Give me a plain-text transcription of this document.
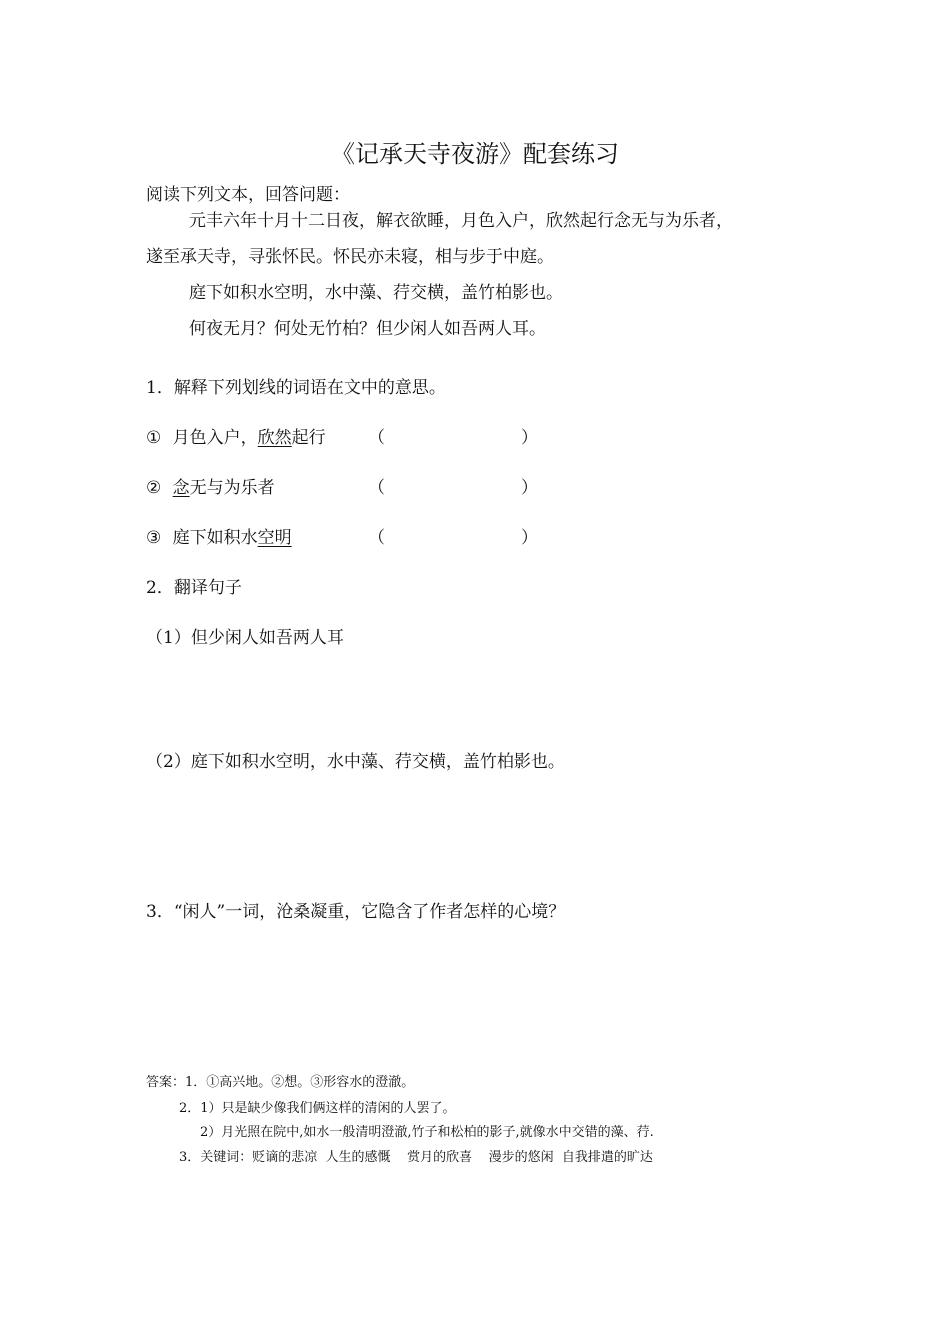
《记承天寺夜游》配套练习
阅读下列文本，回答问题：
元丰六年十月十二日夜，解衣欲睡，月色入户，欣然起行念无与为乐者，
遂至承天寺，寻张怀民。怀民亦未寝，相与步于中庭。
庭下如积水空明，水中藻、荇交横，盖竹柏影也。
何夜无月？何处无竹柏？但少闲人如吾两人耳。
1．解释下列划线的词语在文中的意思。
① 月色入户，欣然起行 （	）
② 念无与为乐者	（	）
③ 庭下如积水空明	（	）
2．翻译句子
（1）但少闲人如吾两人耳
（2）庭下如积水空明，水中藻、荇交横，盖竹柏影也。
3．“闲人”一词，沧桑凝重，它隐含了作者怎样的心境？
答案：1．①高兴地。②想。③形容水的澄澈。
2．1）只是缺少像我们俩这样的清闲的人罢了。
2）月光照在院中,如水一般清明澄澈,竹子和松柏的影子,就像水中交错的藻、荇.
3．关键词：贬谪的悲凉  人生的感慨    赏月的欣喜    漫步的悠闲  自我排遣的旷达
